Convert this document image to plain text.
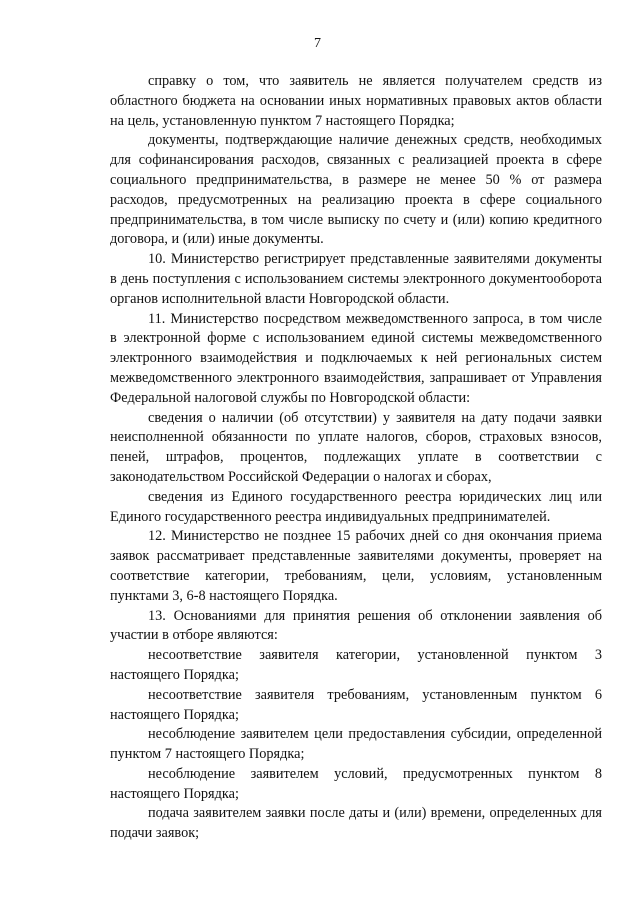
7

справку о том, что заявитель не является получателем средств из областного бюджета на основании иных нормативных правовых актов области на цель, установленную пунктом 7 настоящего Порядка;

документы, подтверждающие наличие денежных средств, необходимых для софинансирования расходов, связанных с реализацией проекта в сфере социального предпринимательства, в размере не менее 50 % от размера расходов, предусмотренных на реализацию проекта в сфере социального предпринимательства, в том числе выписку по счету и (или) копию кредитного договора, и (или) иные документы.

10. Министерство регистрирует представленные заявителями документы в день поступления с использованием системы электронного документооборота органов исполнительной власти Новгородской области.

11. Министерство посредством межведомственного запроса, в том числе в электронной форме с использованием единой системы межведомственного электронного взаимодействия и подключаемых к ней региональных систем межведомственного электронного взаимодействия, запрашивает от Управления Федеральной налоговой службы по Новгородской области:

сведения о наличии (об отсутствии) у заявителя на дату подачи заявки неисполненной обязанности по уплате налогов, сборов, страховых взносов, пеней, штрафов, процентов, подлежащих уплате в соответствии с законодательством Российской Федерации о налогах и сборах,

сведения из Единого государственного реестра юридических лиц или Единого государственного реестра индивидуальных предпринимателей.

12. Министерство не позднее 15 рабочих дней со дня окончания приема заявок рассматривает представленные заявителями документы, проверяет на соответствие категории, требованиям, цели, условиям, установленным пунктами 3, 6-8 настоящего Порядка.

13. Основаниями для принятия решения об отклонении заявления об участии в отборе являются:

несоответствие заявителя категории, установленной пунктом 3 настоящего Порядка;

несоответствие заявителя требованиям, установленным пунктом 6 настоящего Порядка;

несоблюдение заявителем цели предоставления субсидии, определенной пунктом 7 настоящего Порядка;

несоблюдение заявителем условий, предусмотренных пунктом 8 настоящего Порядка;

подача заявителем заявки после даты и (или) времени, определенных для подачи заявок;
